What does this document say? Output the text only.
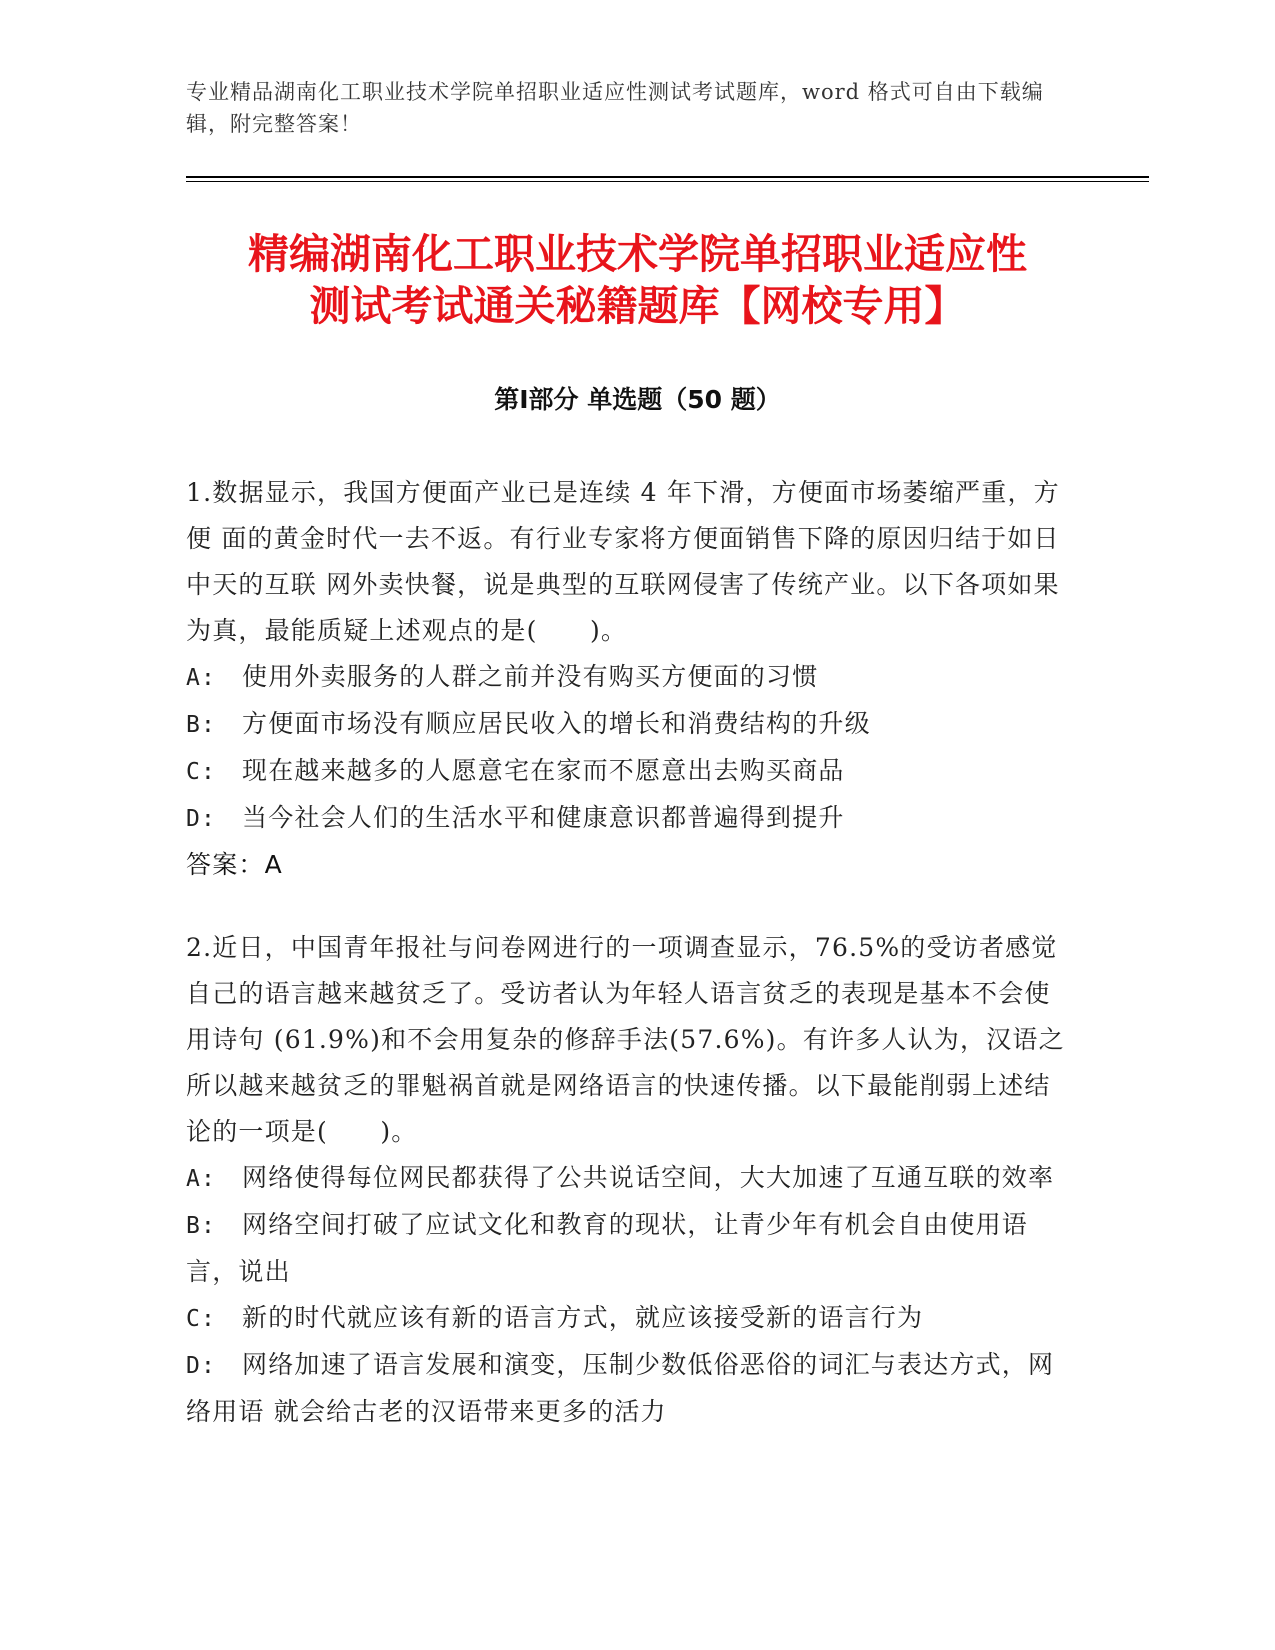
专业精品湖南化工职业技术学院单招职业适应性测试考试题库，word 格式可自由下载编辑，附完整答案！

精编湖南化工职业技术学院单招职业适应性
测试考试通关秘籍题库【网校专用】
第Ⅰ部分 单选题（50 题）

1.数据显示，我国方便面产业已是连续 4 年下滑，方便面市场萎缩严重，方便 面的黄金时代一去不返。有行业专家将方便面销售下降的原因归结于如日中天的互联 网外卖快餐，说是典型的互联网侵害了传统产业。以下各项如果为真，最能质疑上述观点的是(　　)。

A: 使用外卖服务的人群之前并没有购买方便面的习惯
B: 方便面市场没有顺应居民收入的增长和消费结构的升级
C: 现在越来越多的人愿意宅在家而不愿意出去购买商品
D: 当今社会人们的生活水平和健康意识都普遍得到提升

答案：A

2.近日，中国青年报社与问卷网进行的一项调查显示，76.5%的受访者感觉 自己的语言越来越贫乏了。受访者认为年轻人语言贫乏的表现是基本不会使用诗句 (61.9%)和不会用复杂的修辞手法(57.6%)。有许多人认为，汉语之所以越来越贫乏的罪魁祸首就是网络语言的快速传播。以下最能削弱上述结论的一项是(　　)。

A: 网络使得每位网民都获得了公共说话空间，大大加速了互通互联的效率
B: 网络空间打破了应试文化和教育的现状，让青少年有机会自由使用语言，说出
C: 新的时代就应该有新的语言方式，就应该接受新的语言行为
D: 网络加速了语言发展和演变，压制少数低俗恶俗的词汇与表达方式，网络用语 就会给古老的汉语带来更多的活力
